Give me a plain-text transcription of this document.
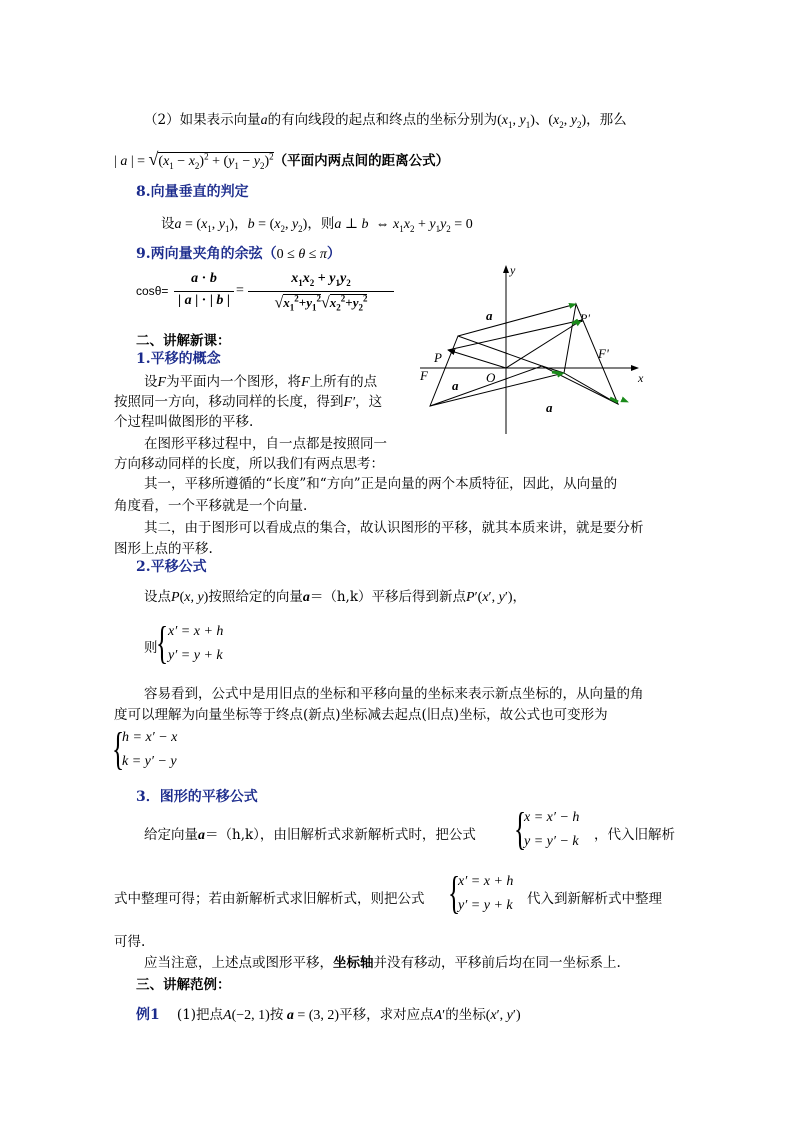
（2）如果表示向量a的有向线段的起点和终点的坐标分别为($x_1$, $y_1$)、($x_2$, $y_2$)，那么
| a | = $√(x_1 - x_2)^2 + (y_1 - y_2)^2$（平面内两点间的距离公式）
8.向量垂直的判定
设$a = (x_1$, $y_1$)，$b = (x_2$, $y_2$)，则a ⊥ b  ⇔ $x_1x_2 + y_1y_2 = 0$
9.两向量夹角的余弦（0 ≤ θ ≤ π）
cosθ=
a · b
| a | · | b |
=
$x_1x_2 + y_1y_2$
$√x_1^2+y_1^2√x_2^2+y_2^2$
二、讲解新课：
1.平移的概念
设F为平面内一个图形，将F上所有的点
按照同一方向，移动同样的长度，得到F′，这
个过程叫做图形的平移.
在图形平移过程中，自一点都是按照同一
方向移动同样的长度，所以我们有两点思考：
其一，平移所遵循的“长度”和“方向”正是向量的两个本质特征，因此，从向量的
角度看，一个平移就是一个向量.
其二，由于图形可以看成点的集合，故认识图形的平移，就其本质来讲，就是要分析
图形上点的平移.
a
a
a
P
P'
F
F'
O
y
x
2.平移公式
设点P(x, y)按照给定的向量a＝（h,k）平移后得到新点P′(x′, y′)，
则
{ x′ = x + h
y′ = y + k
容易看到，公式中是用旧点的坐标和平移向量的坐标来表示新点坐标的，从向量的角
度可以理解为向量坐标等于终点(新点)坐标减去起点(旧点)坐标，故公式也可变形为
{
h = x′ − x
k = y′ − y
3．图形的平移公式
给定向量a＝（h,k），由旧解析式求新解析式时，把公式 {
x = x′ − h
y = y′ − k ，代入旧解析
式中整理可得；若由新解析式求旧解析式，则把公式 {
x′ = x + h
y′ = y + k 代入到新解析式中整理
可得.
应当注意，上述点或图形平移，坐标轴并没有移动，平移前后均在同一坐标系上.
三、讲解范例：
例1 (1)把点A(−2, 1)按 a = (3, 2)平移，求对应点A′的坐标(x′, y′)
